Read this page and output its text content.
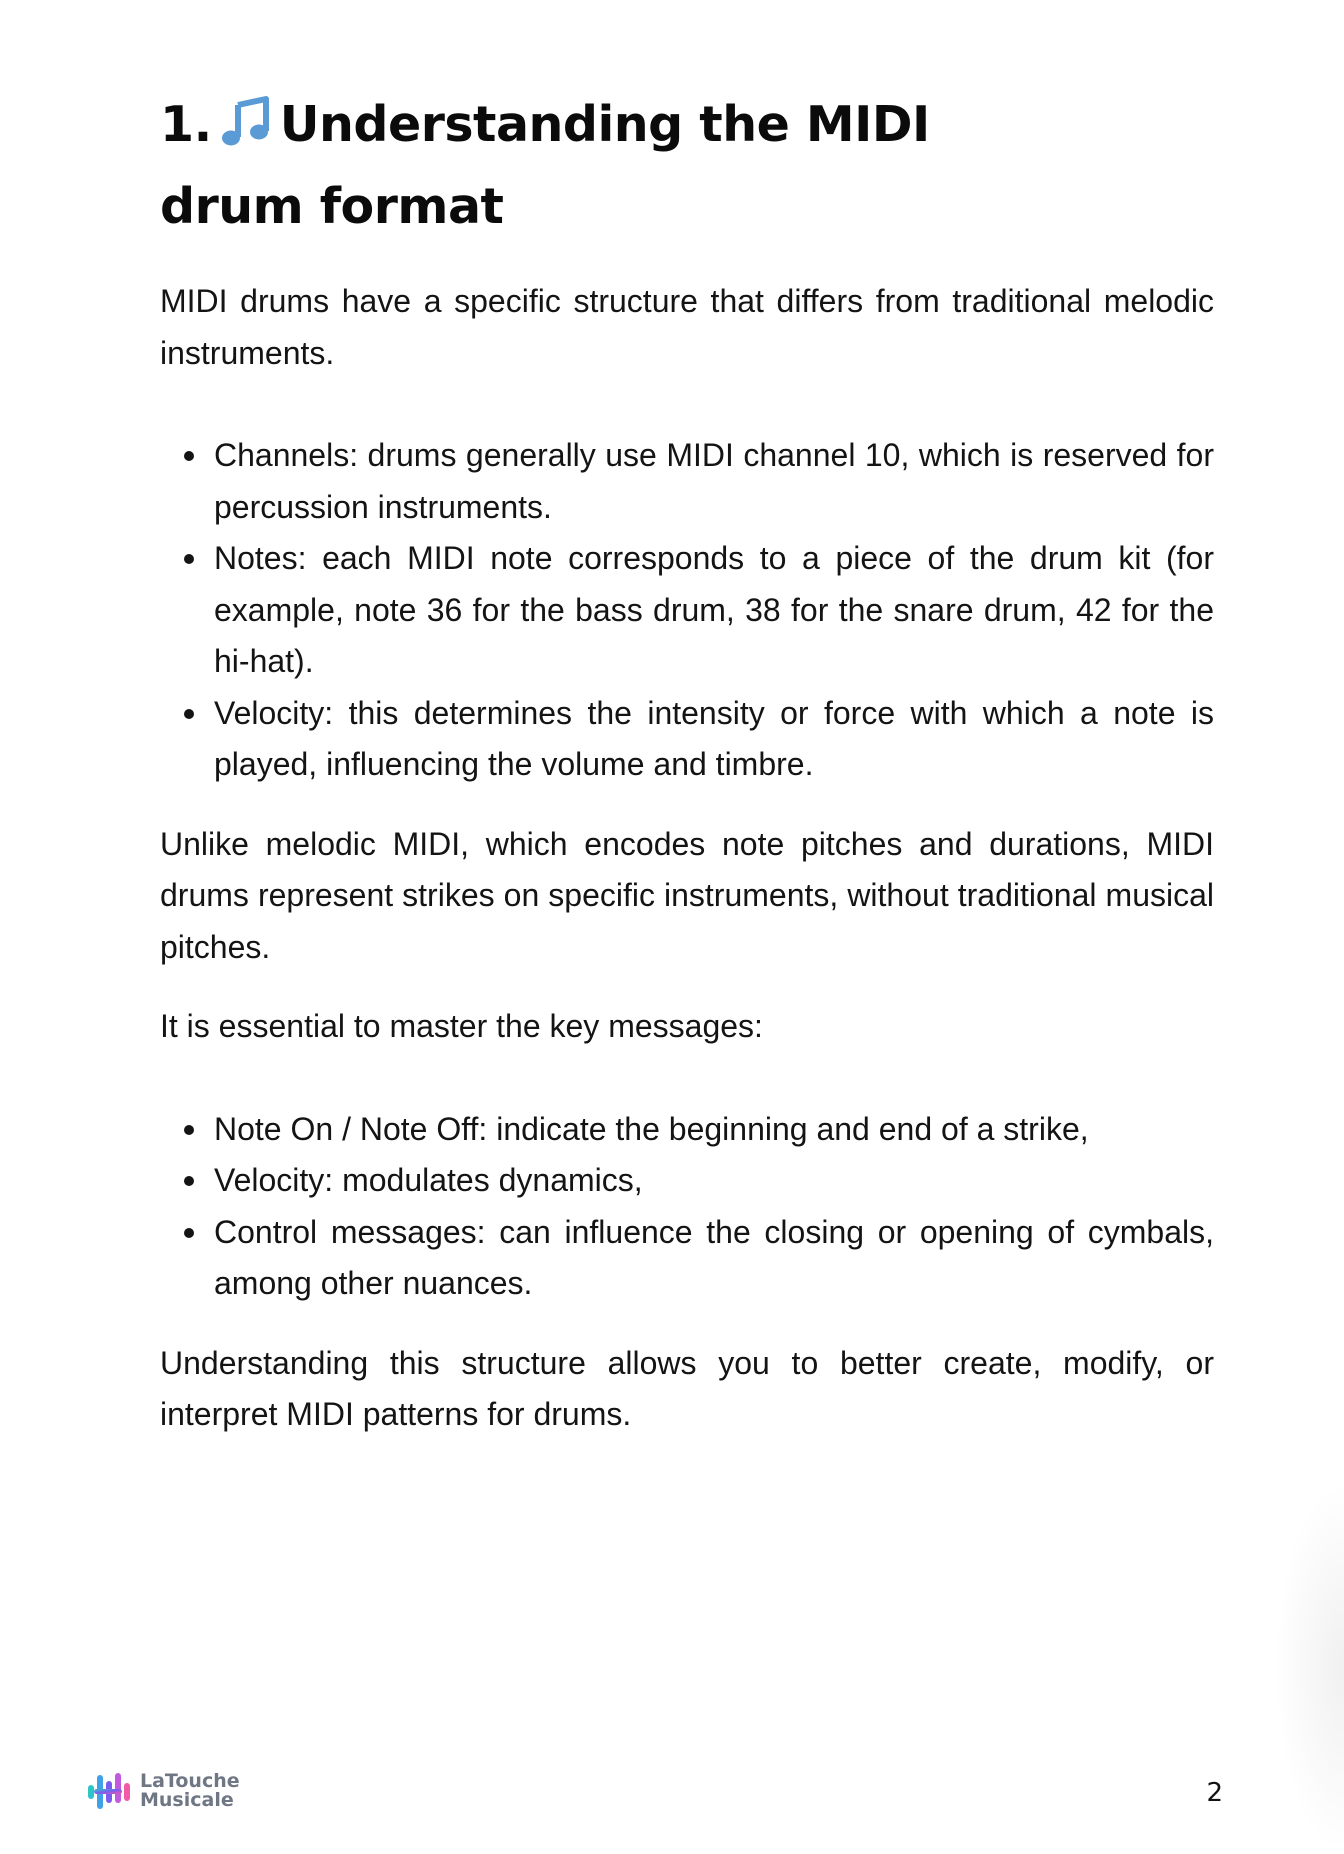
1. Understanding the MIDI drum format

MIDI drums have a specific structure that differs from traditional melodic instruments.

Channels: drums generally use MIDI channel 10, which is reserved for percussion instruments.
Notes: each MIDI note corresponds to a piece of the drum kit (for example, note 36 for the bass drum, 38 for the snare drum, 42 for the hi-hat).
Velocity: this determines the intensity or force with which a note is played, influencing the volume and timbre.

Unlike melodic MIDI, which encodes note pitches and durations, MIDI drums represent strikes on specific instruments, without traditional musical pitches.

It is essential to master the key messages:

Note On / Note Off: indicate the beginning and end of a strike,
Velocity: modulates dynamics,
Control messages: can influence the closing or opening of cymbals, among other nuances.

Understanding this structure allows you to better create, modify, or interpret MIDI patterns for drums.

LaTouche
Musicale	2
